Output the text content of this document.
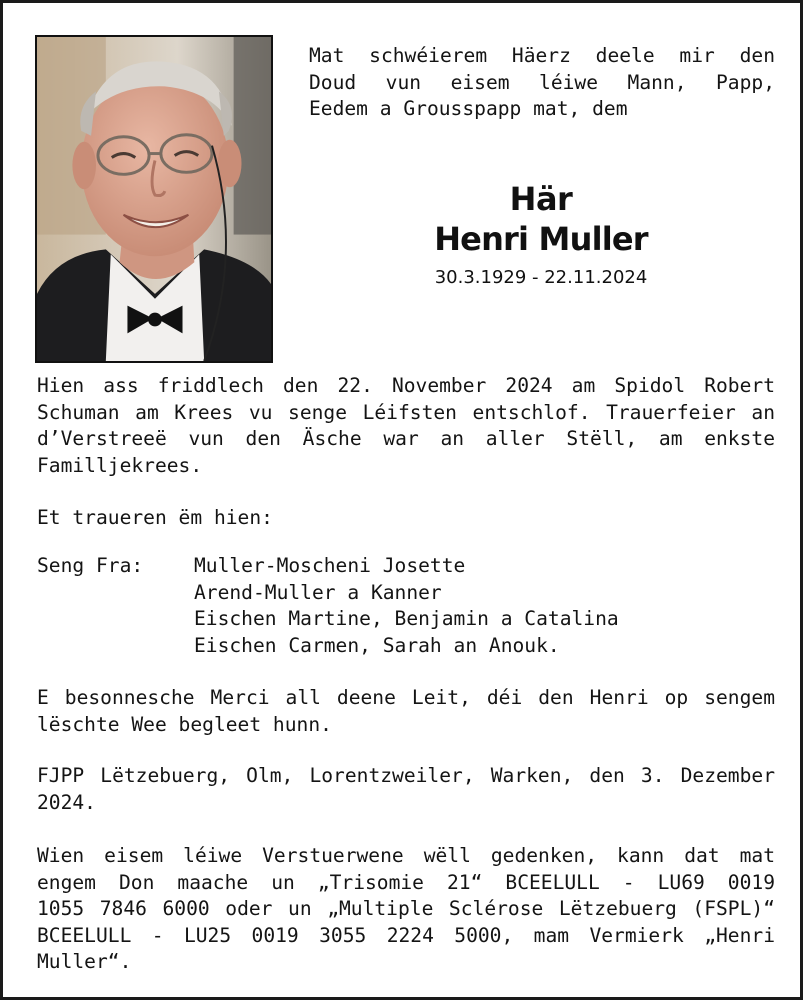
Mat schwéierem Häerz deele mir den
Doud vun eisem léiwe Mann, Papp,
Eedem a Grousspapp mat, dem
Här
Henri Muller
30.3.1929 - 22.11.2024
Hien ass friddlech den 22. November 2024 am Spidol Robert
Schuman am Krees vu senge Léifsten entschlof. Trauerfeier an
d’Verstreeë vun den Äsche war an aller Stëll, am enkste
Familljekrees.
Et traueren ëm hien:
Seng Fra:	Muller-Moscheni Josette
Arend-Muller a Kanner
Eischen Martine, Benjamin a Catalina
Eischen Carmen, Sarah an Anouk.
E besonnesche Merci all deene Leit, déi den Henri op sengem
lëschte Wee begleet hunn.
FJPP Lëtzebuerg, Olm, Lorentzweiler, Warken, den 3. Dezember
2024.
Wien eisem léiwe Verstuerwene wëll gedenken, kann dat mat
engem Don maache un „Trisomie 21“ BCEELULL - LU69 0019
1055 7846 6000 oder un „Multiple Sclérose Lëtzebuerg (FSPL)“
BCEELULL - LU25 0019 3055 2224 5000, mam Vermierk „Henri
Muller“.
